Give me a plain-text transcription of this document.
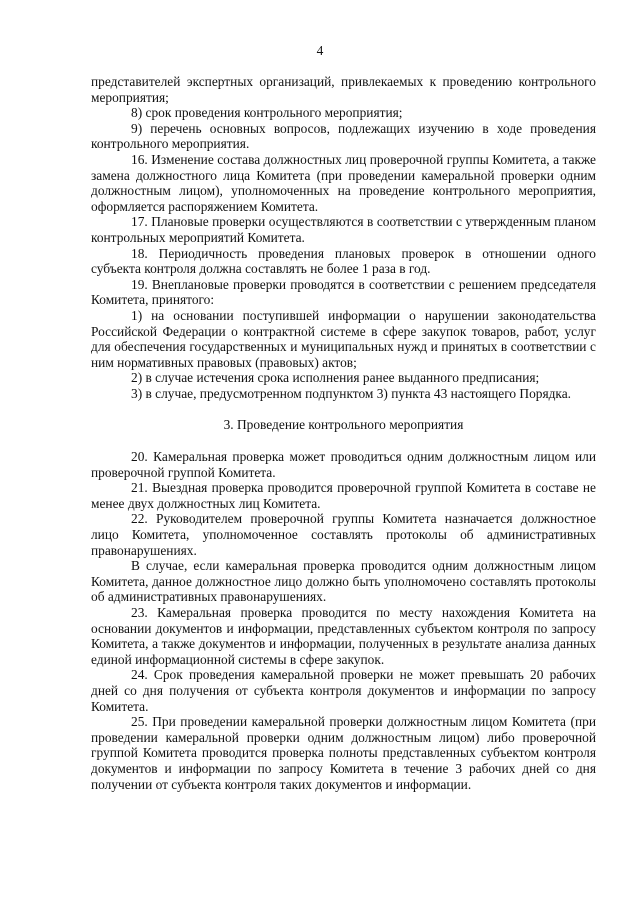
4

представителей экспертных организаций, привлекаемых к проведению контрольного мероприятия;

8) срок проведения контрольного мероприятия;

9) перечень основных вопросов, подлежащих изучению в ходе проведения контрольного мероприятия.

16. Изменение состава должностных лиц проверочной группы Комитета, а также замена должностного лица Комитета (при проведении камеральной проверки одним должностным лицом), уполномоченных на проведение контрольного мероприятия, оформляется распоряжением Комитета.

17. Плановые проверки осуществляются в соответствии с утвержденным планом контрольных мероприятий Комитета.

18. Периодичность проведения плановых проверок в отношении одного субъекта контроля должна составлять не более 1 раза в год.

19. Внеплановые проверки проводятся в соответствии с решением председателя Комитета, принятого:

1) на основании поступившей информации о нарушении законодательства Российской Федерации о контрактной системе в сфере закупок товаров, работ, услуг для обеспечения государственных и муниципальных нужд и принятых в соответствии с ним нормативных правовых (правовых) актов;

2) в случае истечения срока исполнения ранее выданного предписания;

3) в случае, предусмотренном подпунктом 3) пункта 43 настоящего Порядка.

3. Проведение контрольного мероприятия

20. Камеральная проверка может проводиться одним должностным лицом или проверочной группой Комитета.

21. Выездная проверка проводится проверочной группой Комитета в составе не менее двух должностных лиц Комитета.

22. Руководителем проверочной группы Комитета назначается должностное лицо Комитета, уполномоченное составлять протоколы об административных правонарушениях.

В случае, если камеральная проверка проводится одним должностным лицом Комитета, данное должностное лицо должно быть уполномочено составлять протоколы об административных правонарушениях.

23. Камеральная проверка проводится по месту нахождения Комитета на основании документов и информации, представленных субъектом контроля по запросу Комитета, а также документов и информации, полученных в результате анализа данных единой информационной системы в сфере закупок.

24. Срок проведения камеральной проверки не может превышать 20 рабочих дней со дня получения от субъекта контроля документов и информации по запросу Комитета.

25. При проведении камеральной проверки должностным лицом Комитета (при проведении камеральной проверки одним должностным лицом) либо проверочной группой Комитета проводится проверка полноты представленных субъектом контроля документов и информации по запросу Комитета в течение 3 рабочих дней со дня получении от субъекта контроля таких документов и информации.
